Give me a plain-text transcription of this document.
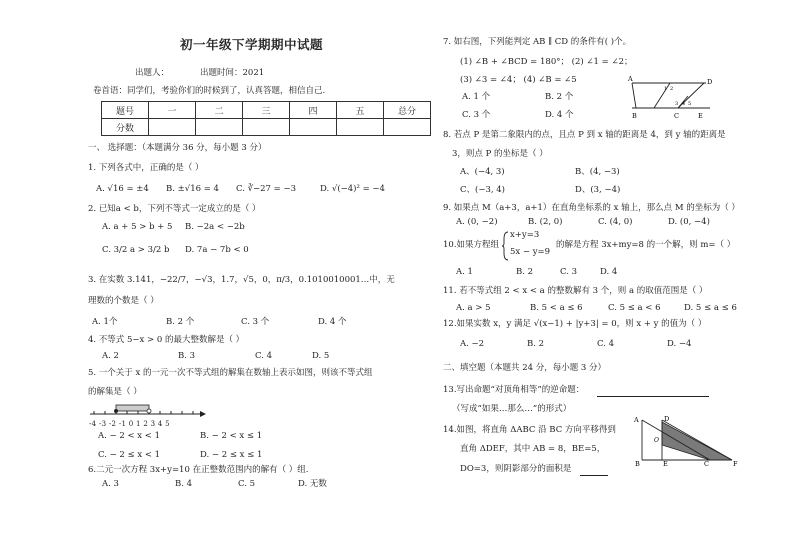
初一年级下学期期中试题
出题人：	出题时间：2021
卷首语：同学们，考验你们的时候到了，认真答题，相信自己.
题号	一	二	三	四	五	总分
分数						
一、 选择题：（本题满分 36 分，每小题 3 分）
1. 下列各式中，正确的是（ ）
A. √16 = ±4 B. ±√16 = 4 C. ∛−27 = −3	D. √(−4)² = −4
2. 已知a < b，下列不等式一定成立的是（ ）
A. a + 5 > b + 5 B. −2a < −2b
C. 3/2 a > 3/2 b D. 7a − 7b < 0
3. 在实数 3.141，−22/7，−√3，1.7，√5，0，π/3，0.1010010001…中，无
理数的个数是（ ）
A. 1个	B. 2 个	C. 3 个	D. 4 个
4. 不等式 5−x > 0 的最大整数解是（ ）
A. 2	B. 3	C. 4	D. 5
5. 一个关于 x 的一元一次不等式组的解集在数轴上表示如图，则该不等式组
的解集是（ ）
-4 -3 -2 -1 0 1 2 3 4 5
A. − 2 < x < 1	B. − 2 < x ≤ 1
C. − 2 ≤ x < 1	D. − 2 ≤ x ≤ 1
6.二元一次方程 3x+y=10 在正整数范围内的解有（ ）组.
A. 3	B. 4	C. 5	D. 无数
7. 如右图，下列能判定 AB ∥ CD 的条件有( )个。
(1) ∠B + ∠BCD = 180°； (2) ∠1 = ∠2；
(3) ∠3 = ∠4； (4) ∠B = ∠5
A. 1 个	B. 2 个
C. 3 个	D. 4 个
A	D
B	C	E
1 2
3 4 5
8. 若点 P 是第二象限内的点，且点 P 到 x 轴的距离是 4，到 y 轴的距离是
3，则点 P 的坐标是（ ）
A、(−4, 3)	B、(4, −3)
C、(−3, 4)	D、(3, −4)
9. 如果点 M（a+3，a+1）在直角坐标系的 x 轴上，那么点 M 的坐标为（ ）
A. (0, −2)	B. (2, 0)	C. (4, 0)	D. (0, −4)
10.如果方程组
x+y=3
5x − y=9
的解是方程 3x+my=8 的一个解，则 m=（ ）
A. 1	B. 2	C. 3	D. 4
11. 若不等式组 2 < x < a 的整数解有 3 个，则 a 的取值范围是（ ）
A. a > 5	B. 5 < a ≤ 6	C. 5 ≤ a < 6	D. 5 ≤ a ≤ 6
12.如果实数 x，y 满足 √(x−1) + |y+3| = 0，则 x + y 的值为（ ）
A. −2	B. 2	C. 4	D. −4
二、填空题（本题共 24 分，每小题 3 分）
13.写出命题“对顶角相等”的逆命题：
（写成“如果…那么…”的形式）
14.如图，将直角 ΔABC 沿 BC 方向平移得到
直角 ΔDEF，其中 AB = 8，BE=5，
DO=3，则阴影部分的面积是
A	D
O
B	E	C	F
